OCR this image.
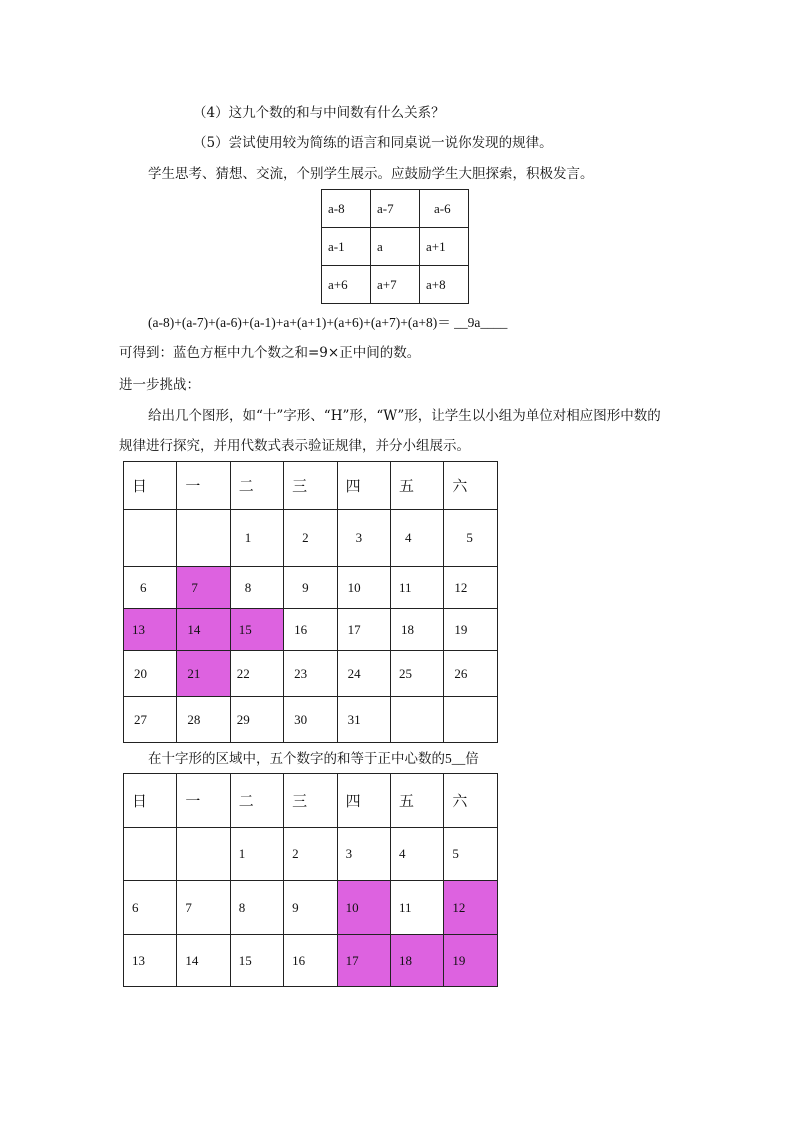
（4）这九个数的和与中间数有什么关系？
（5）尝试使用较为简练的语言和同桌说一说你发现的规律。
学生思考、猜想、交流，个别学生展示。应鼓励学生大胆探索，积极发言。
a-8	a-7	a-6
a-1	a	a+1
a+6	a+7	a+8
(a-8)+(a-7)+(a-6)+(a-1)+a+(a+1)+(a+6)+(a+7)+(a+8)＝ __9a____
可得到：蓝色方框中九个数之和=9×正中间的数。
进一步挑战：
给出几个图形，如“十”字形、“H”形，“W”形，让学生以小组为单位对相应图形中数的
规律进行探究，并用代数式表示验证规律，并分小组展示。
日	一	二	三	四	五	六
		1	2	3	4	5
6	7	8	9	10	11	12
13	14	15	16	17	18	19
20	21	22	23	24	25	26
27	28	29	30	31		
在十字形的区域中，五个数字的和等于正中心数的5__倍
日	一	二	三	四	五	六
		1	2	3	4	5
6	7	8	9	10	11	12
13	14	15	16	17	18	19
